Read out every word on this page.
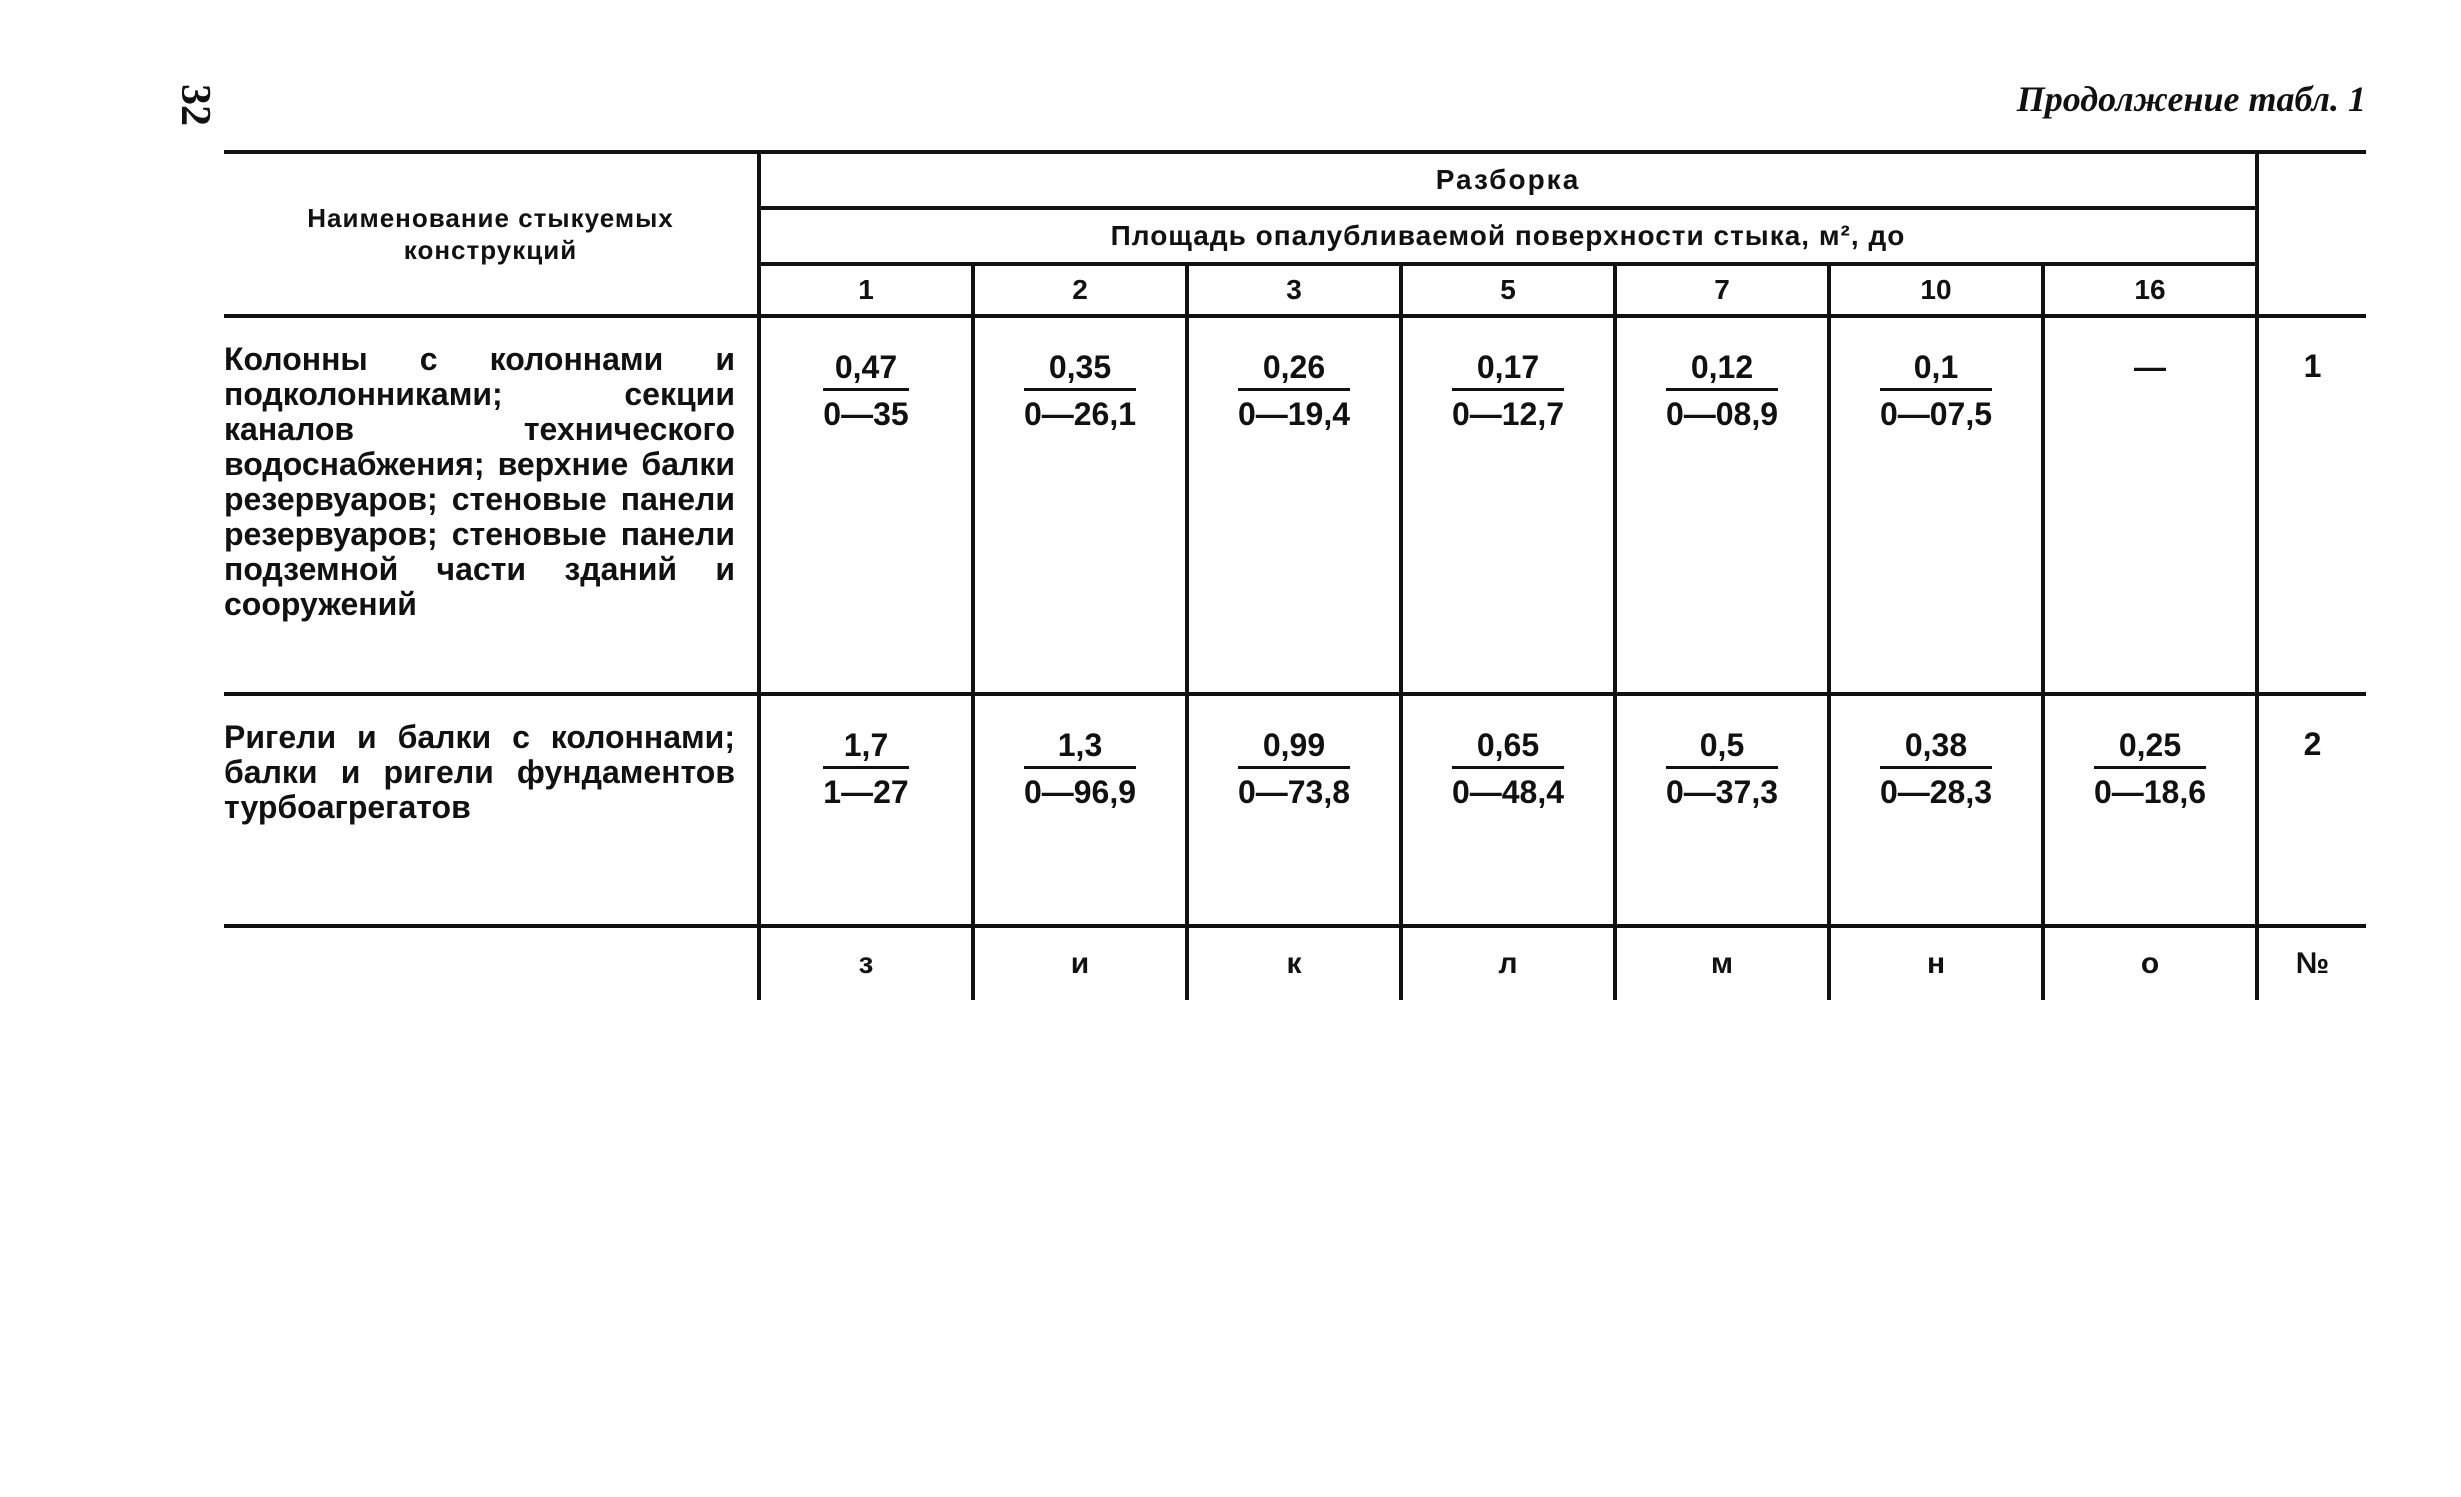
32	Продолжение табл. 1
Наименование стыкуемых конструкций	Разборка							
	Площадь опалубливаемой поверхности стыка, м², до							
	1	2	3	5	7	10	16	
Колонны с колоннами и подколонниками; секции каналов технического водоснабжения; верхние балки резервуаров; стеновые панели резервуаров; стеновые панели подземной части зданий и сооружений	$\frac{0,47}{0—35}$	$\frac{0,35}{0—26,1}$	$\frac{0,26}{0—19,4}$	$\frac{0,17}{0—12,7}$	$\frac{0,12}{0—08,9}$	$\frac{0,1}{0—07,5}$	—	1
Ригели и балки с колоннами; балки и ригели фундаментов турбоагрегатов	$\frac{1,7}{1—27}$	$\frac{1,3}{0—96,9}$	$\frac{0,99}{0—73,8}$	$\frac{0,65}{0—48,4}$	$\frac{0,5}{0—37,3}$	$\frac{0,38}{0—28,3}$	$\frac{0,25}{0—18,6}$	2
	з	и	к	л	м	н	о	№
